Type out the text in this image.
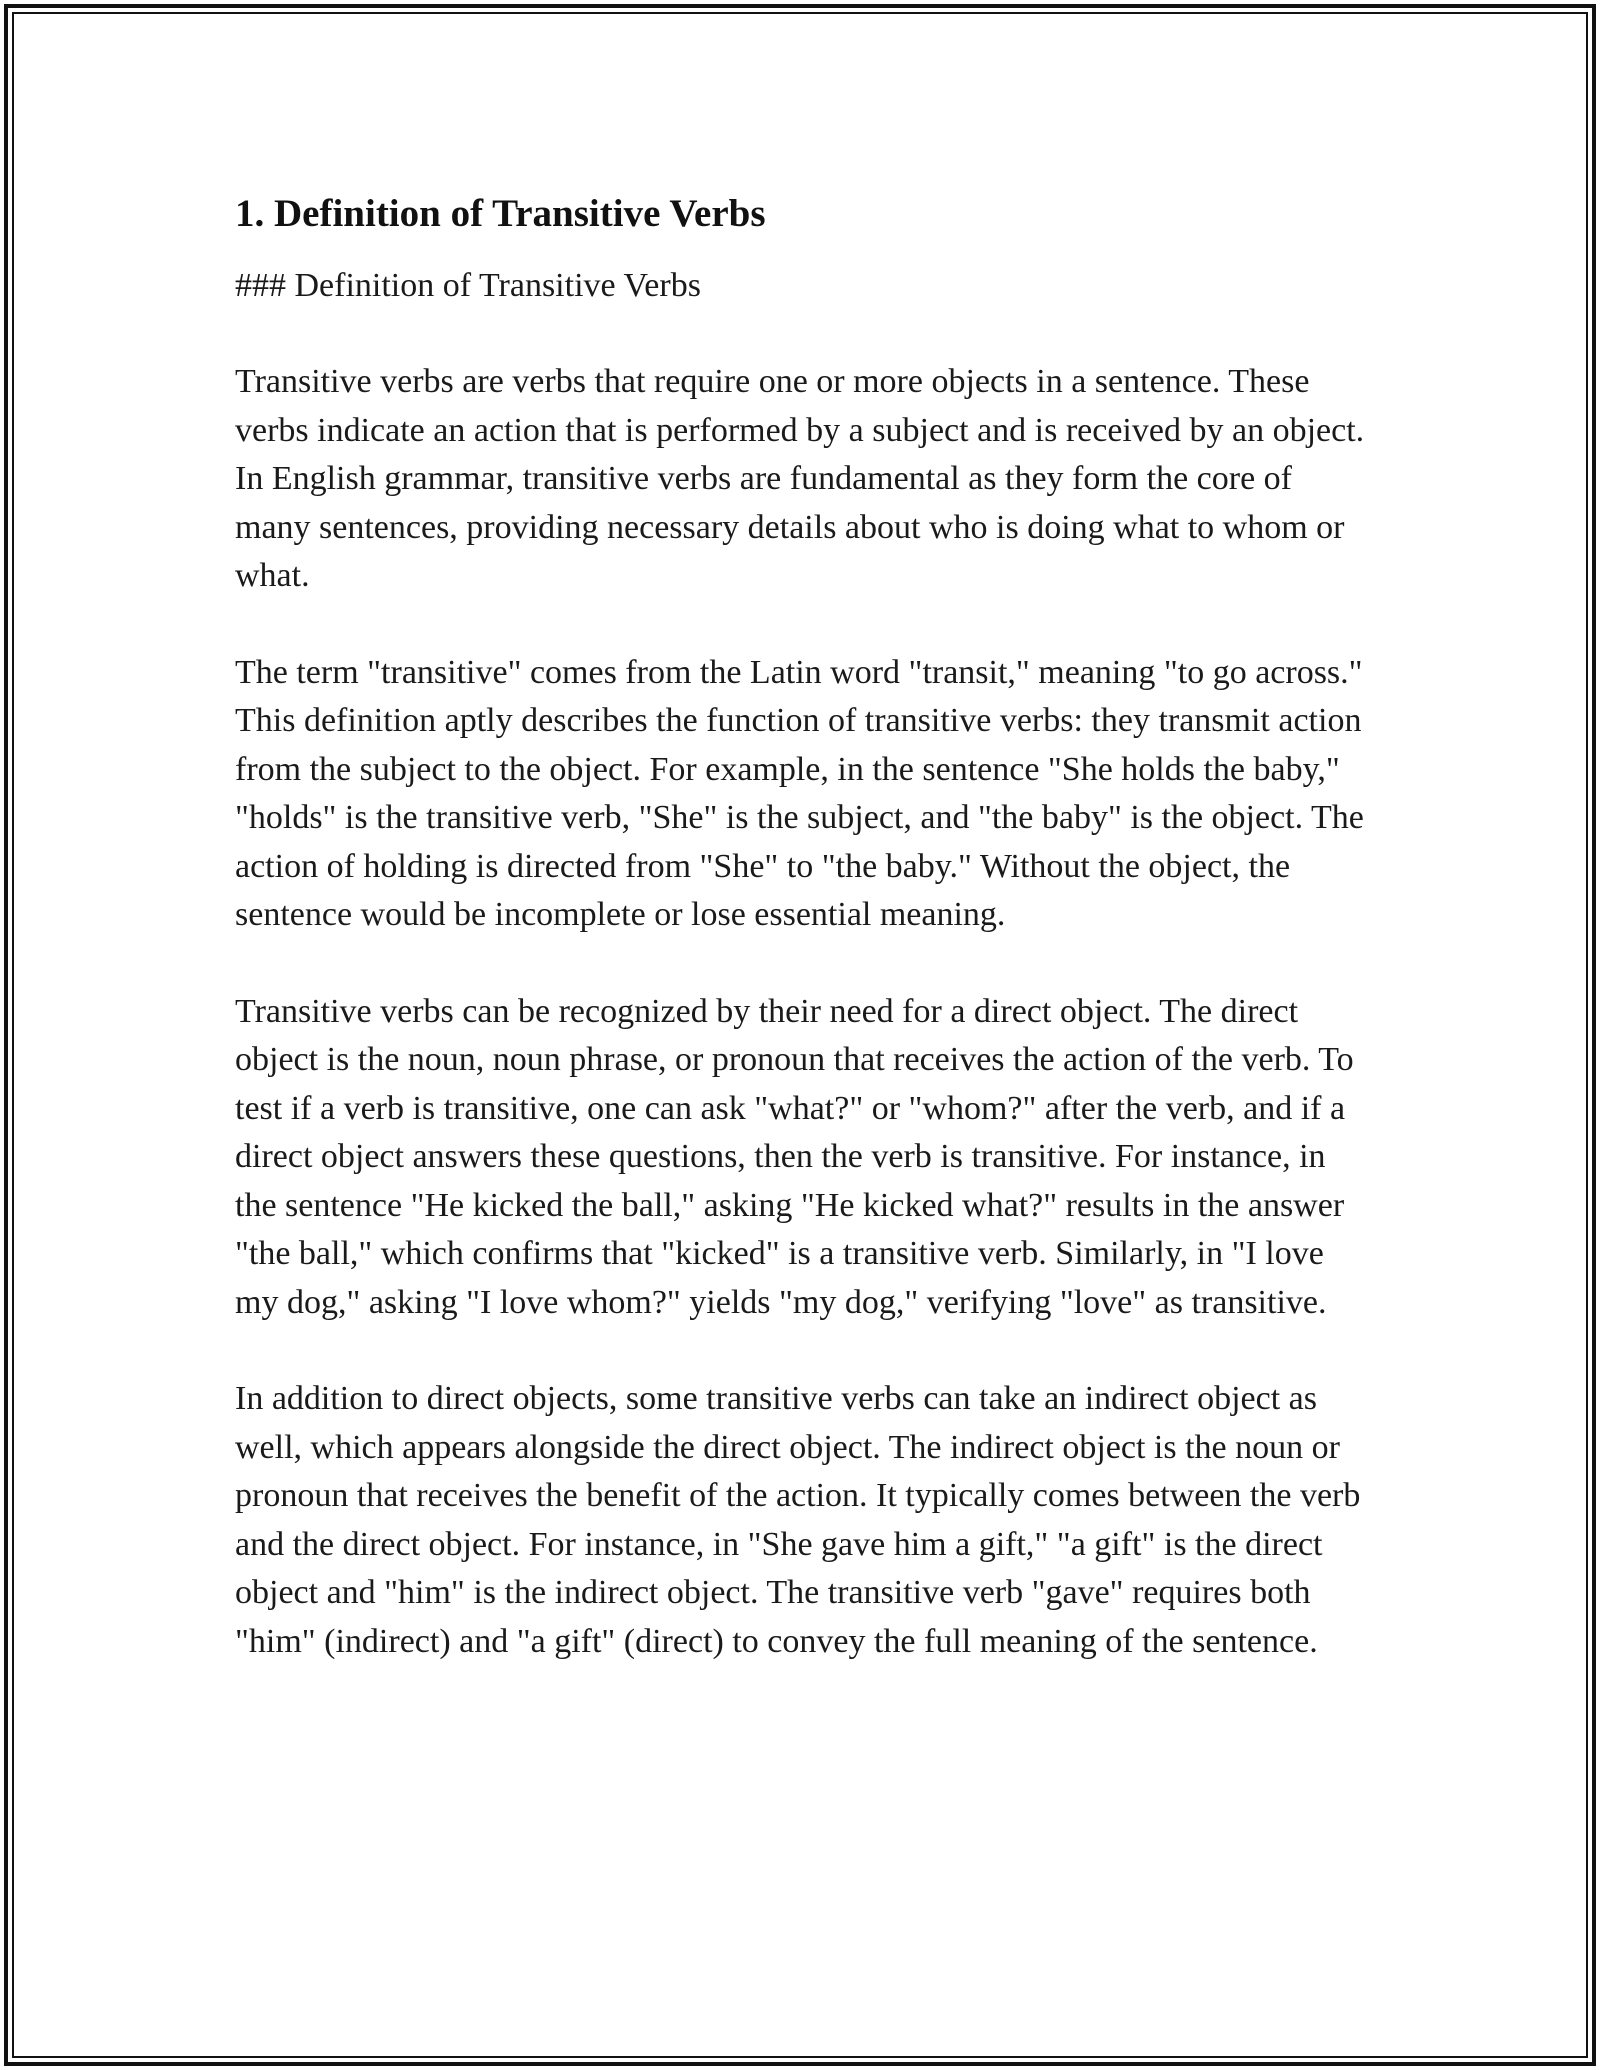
1. Definition of Transitive Verbs

### Definition of Transitive Verbs

Transitive verbs are verbs that require one or more objects in a sentence. These verbs indicate an action that is performed by a subject and is received by an object. In English grammar, transitive verbs are fundamental as they form the core of many sentences, providing necessary details about who is doing what to whom or what.

The term "transitive" comes from the Latin word "transit," meaning "to go across." This definition aptly describes the function of transitive verbs: they transmit action from the subject to the object. For example, in the sentence "She holds the baby," "holds" is the transitive verb, "She" is the subject, and "the baby" is the object. The action of holding is directed from "She" to "the baby." Without the object, the sentence would be incomplete or lose essential meaning.

Transitive verbs can be recognized by their need for a direct object. The direct object is the noun, noun phrase, or pronoun that receives the action of the verb. To test if a verb is transitive, one can ask "what?" or "whom?" after the verb, and if a direct object answers these questions, then the verb is transitive. For instance, in the sentence "He kicked the ball," asking "He kicked what?" results in the answer "the ball," which confirms that "kicked" is a transitive verb. Similarly, in "I love my dog," asking "I love whom?" yields "my dog," verifying "love" as transitive.

In addition to direct objects, some transitive verbs can take an indirect object as well, which appears alongside the direct object. The indirect object is the noun or pronoun that receives the benefit of the action. It typically comes between the verb and the direct object. For instance, in "She gave him a gift," "a gift" is the direct object and "him" is the indirect object. The transitive verb "gave" requires both "him" (indirect) and "a gift" (direct) to convey the full meaning of the sentence.
